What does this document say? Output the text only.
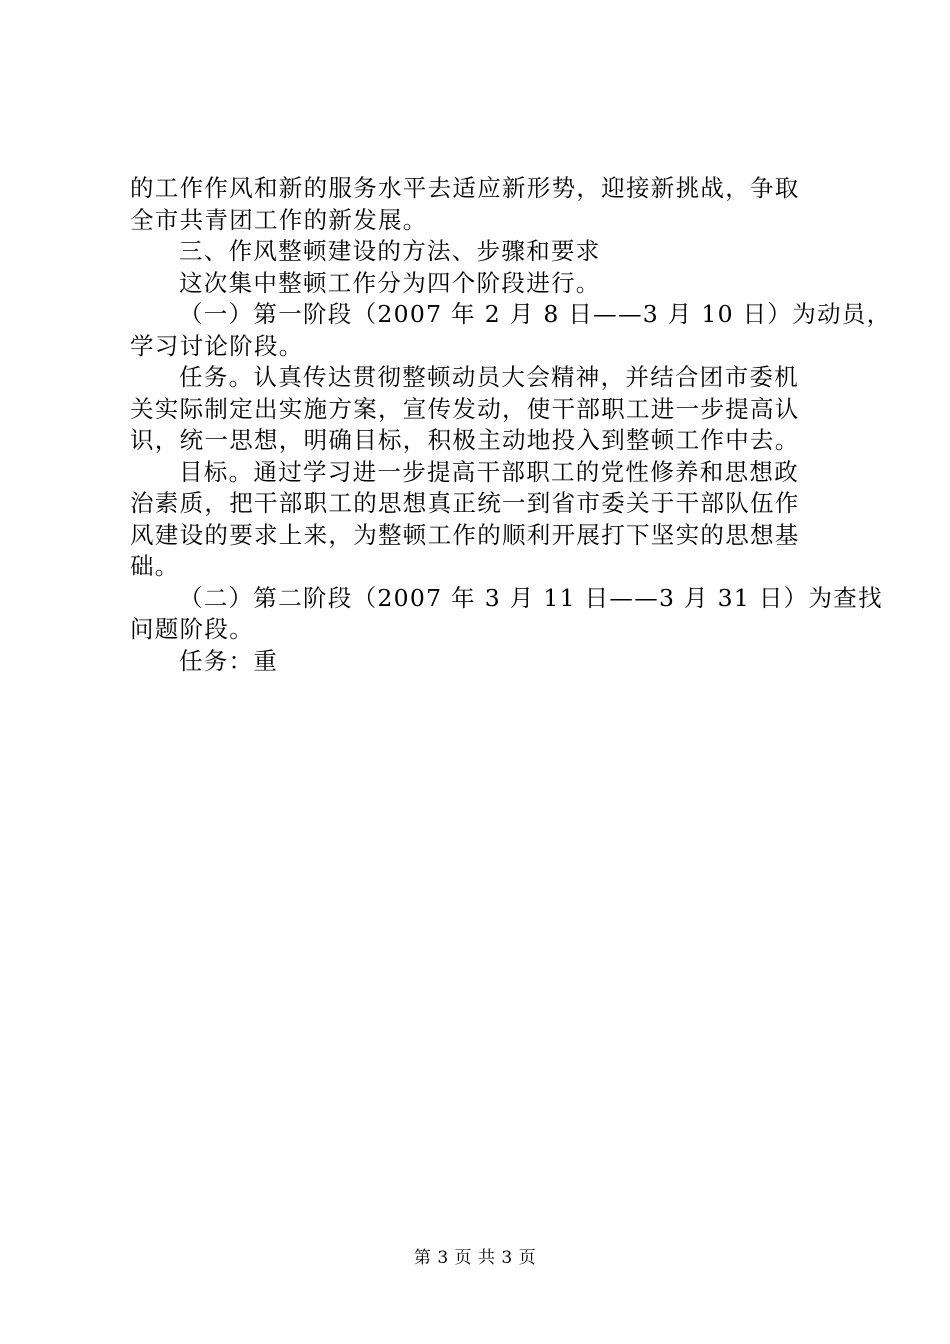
的工作作风和新的服务水平去适应新形势，迎接新挑战，争取
全市共青团工作的新发展。
三、作风整顿建设的方法、步骤和要求
这次集中整顿工作分为四个阶段进行。
（一）第一阶段（2007 年 2 月 8 日——3 月 10 日）为动员，
学习讨论阶段。
任务。认真传达贯彻整顿动员大会精神，并结合团市委机
关实际制定出实施方案，宣传发动，使干部职工进一步提高认
识，统一思想，明确目标，积极主动地投入到整顿工作中去。
目标。通过学习进一步提高干部职工的党性修养和思想政
治素质，把干部职工的思想真正统一到省市委关于干部队伍作
风建设的要求上来，为整顿工作的顺利开展打下坚实的思想基
础。
（二）第二阶段（2007 年 3 月 11 日——3 月 31 日）为查找
问题阶段。
任务：重
第 3 页 共 3 页
